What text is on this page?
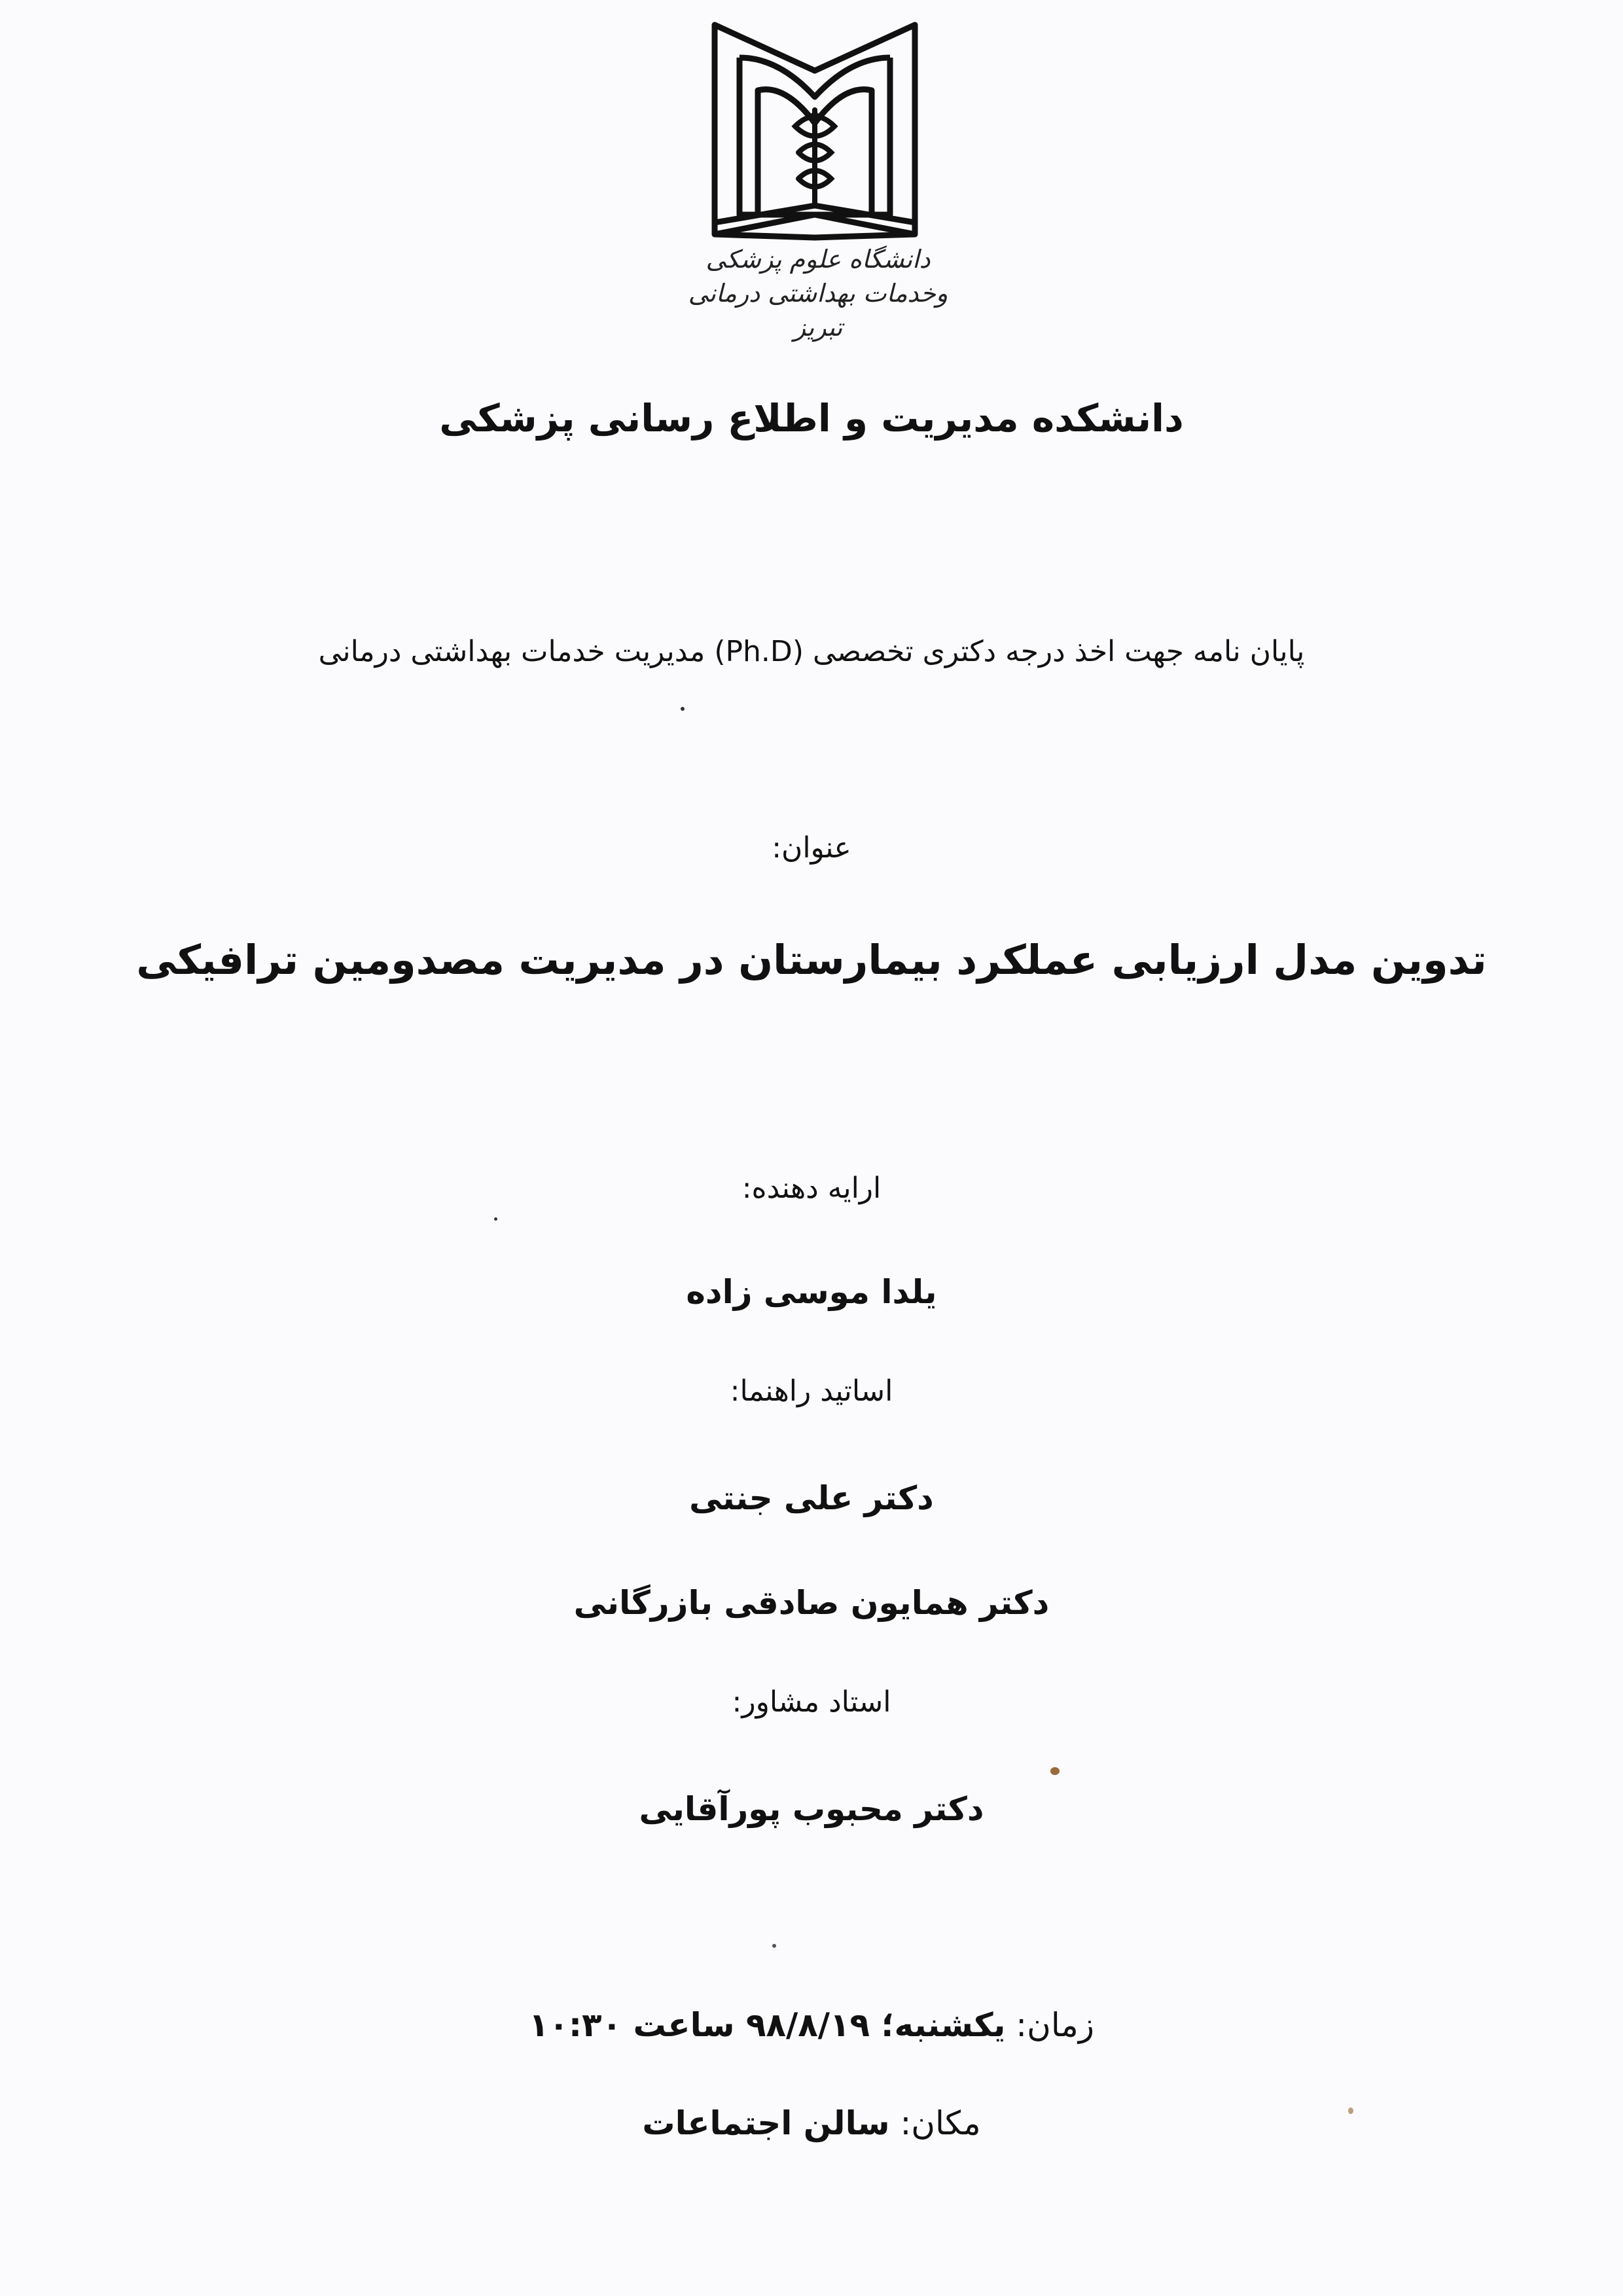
دانشگاه علوم پزشکی
وخدمات بهداشتی درمانی تبریز
دانشکده مدیریت و اطلاع رسانی پزشکی
پایان نامه جهت اخذ درجه دکتری تخصصی (Ph.D) مدیریت خدمات بهداشتی درمانی
عنوان:
تدوین مدل ارزیابی عملکرد بیمارستان در مدیریت مصدومین ترافیکی
ارایه دهنده:
یلدا موسی زاده
اساتید راهنما:
دکتر علی جنتی
دکتر همایون صادقی بازرگانی
استاد مشاور:
دکتر محبوب پورآقایی
زمان: یکشنبه؛ ۹۸/۸/۱۹ ساعت ۱۰:۳۰
مکان: سالن اجتماعات
